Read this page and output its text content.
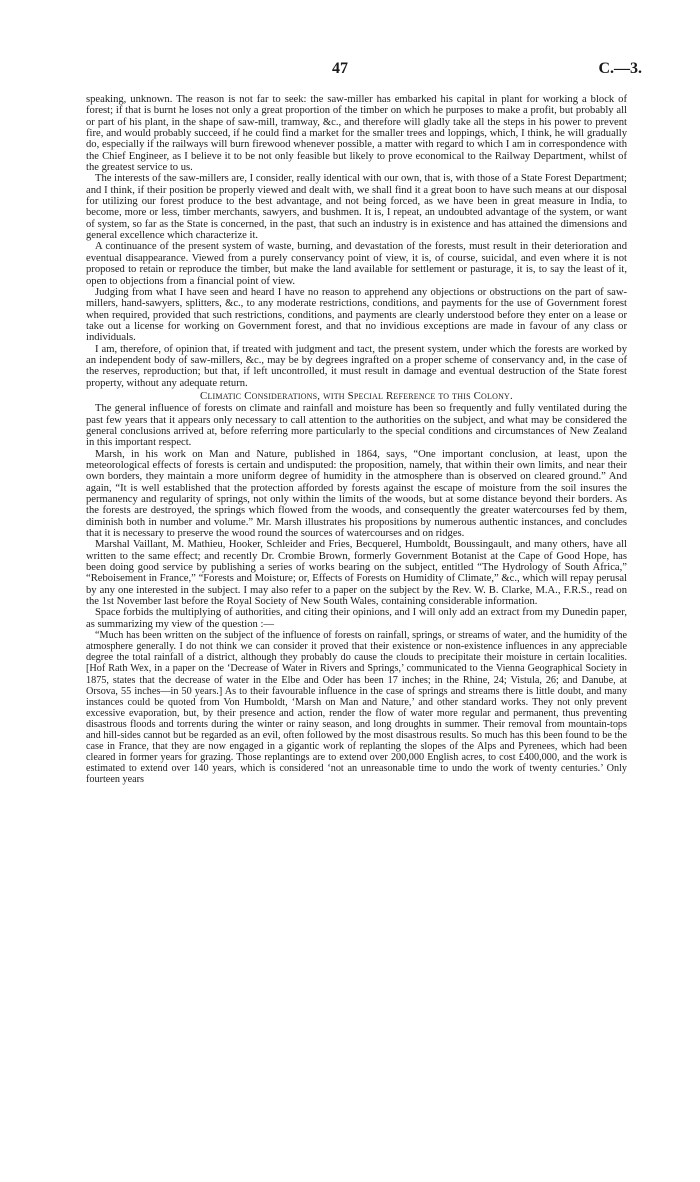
47	C.—3.

speaking, unknown. The reason is not far to seek: the saw-miller has embarked his capital in plant for working a block of forest; if that is burnt he loses not only a great proportion of the timber on which he purposes to make a profit, but probably all or part of his plant, in the shape of saw-mill, tramway, &c., and therefore will gladly take all the steps in his power to prevent fire, and would probably succeed, if he could find a market for the smaller trees and loppings, which, I think, he will gradually do, especially if the railways will burn firewood whenever possible, a matter with regard to which I am in correspondence with the Chief Engineer, as I believe it to be not only feasible but likely to prove economical to the Railway Department, whilst of the greatest service to us.

The interests of the saw-millers are, I consider, really identical with our own, that is, with those of a State Forest Department; and I think, if their position be properly viewed and dealt with, we shall find it a great boon to have such means at our disposal for utilizing our forest produce to the best advantage, and not being forced, as we have been in great measure in India, to become, more or less, timber merchants, sawyers, and bushmen. It is, I repeat, an undoubted advantage of the system, or want of system, so far as the State is concerned, in the past, that such an industry is in existence and has attained the dimensions and general excellence which characterize it.

A continuance of the present system of waste, burning, and devastation of the forests, must result in their deterioration and eventual disappearance. Viewed from a purely conservancy point of view, it is, of course, suicidal, and even where it is not proposed to retain or reproduce the timber, but make the land available for settlement or pasturage, it is, to say the least of it, open to objections from a financial point of view.

Judging from what I have seen and heard I have no reason to apprehend any objections or obstructions on the part of saw-millers, hand-sawyers, splitters, &c., to any moderate restrictions, conditions, and payments for the use of Government forest when required, provided that such restrictions, conditions, and payments are clearly understood before they enter on a lease or take out a license for working on Government forest, and that no invidious exceptions are made in favour of any class or individuals.

I am, therefore, of opinion that, if treated with judgment and tact, the present system, under which the forests are worked by an independent body of saw-millers, &c., may be by degrees ingrafted on a proper scheme of conservancy and, in the case of the reserves, reproduction; but that, if left uncontrolled, it must result in damage and eventual destruction of the State forest property, without any adequate return.

Climatic Considerations, with Special Reference to this Colony.

The general influence of forests on climate and rainfall and moisture has been so frequently and fully ventilated during the past few years that it appears only necessary to call attention to the authorities on the subject, and what may be considered the general conclusions arrived at, before referring more particularly to the special conditions and circumstances of New Zealand in this important respect.

Marsh, in his work on Man and Nature, published in 1864, says, “One important conclusion, at least, upon the meteorological effects of forests is certain and undisputed: the proposition, namely, that within their own limits, and near their own borders, they maintain a more uniform degree of humidity in the atmosphere than is observed on cleared ground.” And again, “It is well established that the protection afforded by forests against the escape of moisture from the soil insures the permanency and regularity of springs, not only within the limits of the woods, but at some distance beyond their borders. As the forests are destroyed, the springs which flowed from the woods, and consequently the greater watercourses fed by them, diminish both in number and volume.” Mr. Marsh illustrates his propositions by numerous authentic instances, and concludes that it is necessary to preserve the wood round the sources of watercourses and on ridges.

Marshal Vaillant, M. Mathieu, Hooker, Schleider and Fries, Becquerel, Humboldt, Boussingault, and many others, have all written to the same effect; and recently Dr. Crombie Brown, formerly Government Botanist at the Cape of Good Hope, has been doing good service by publishing a series of works bearing on the subject, entitled “The Hydrology of South Africa,” “Reboisement in France,” “Forests and Moisture; or, Effects of Forests on Humidity of Climate,” &c., which will repay perusal by any one interested in the subject. I may also refer to a paper on the subject by the Rev. W. B. Clarke, M.A., F.R.S., read on the 1st November last before the Royal Society of New South Wales, containing considerable information.

Space forbids the multiplying of authorities, and citing their opinions, and I will only add an extract from my Dunedin paper, as summarizing my view of the question :—

“Much has been written on the subject of the influence of forests on rainfall, springs, or streams of water, and the humidity of the atmosphere generally. I do not think we can consider it proved that their existence or non-existence influences in any appreciable degree the total rainfall of a district, although they probably do cause the clouds to precipitate their moisture in certain localities. [Hof Rath Wex, in a paper on the ‘Decrease of Water in Rivers and Springs,’ communicated to the Vienna Geographical Society in 1875, states that the decrease of water in the Elbe and Oder has been 17 inches; in the Rhine, 24; Vistula, 26; and Danube, at Orsova, 55 inches—in 50 years.] As to their favourable influence in the case of springs and streams there is little doubt, and many instances could be quoted from Von Humboldt, ‘Marsh on Man and Nature,’ and other standard works. They not only prevent excessive evaporation, but, by their presence and action, render the flow of water more regular and permanent, thus preventing disastrous floods and torrents during the winter or rainy season, and long droughts in summer. Their removal from mountain-tops and hill-sides cannot but be regarded as an evil, often followed by the most disastrous results. So much has this been found to be the case in France, that they are now engaged in a gigantic work of replanting the slopes of the Alps and Pyrenees, which had been cleared in former years for grazing. Those replantings are to extend over 200,000 English acres, to cost £400,000, and the work is estimated to extend over 140 years, which is considered ‘not an unreasonable time to undo the work of twenty centuries.’ Only fourteen years
